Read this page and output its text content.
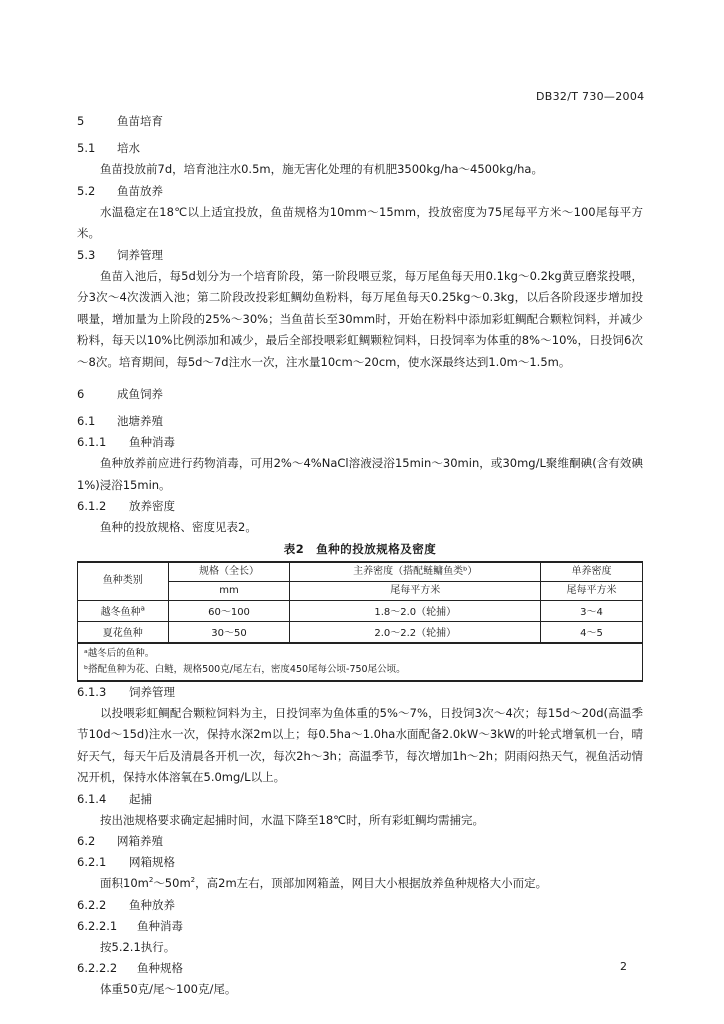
DB32/T 730—2004
5	鱼苗培育
5.1 培水

鱼苗投放前7d，培育池注水0.5m，施无害化处理的有机肥3500kg/ha～4500kg/ha。

5.2 鱼苗放养

水温稳定在18℃以上适宜投放，鱼苗规格为10mm～15mm，投放密度为75尾每平方米～100尾每平方米。

5.3 饲养管理

鱼苗入池后，每5d划分为一个培育阶段，第一阶段喂豆浆，每万尾鱼每天用0.1kg～0.2kg黄豆磨浆投喂，分3次～4次泼洒入池；第二阶段改投彩虹鲷幼鱼粉料，每万尾鱼每天0.25kg～0.3kg，以后各阶段逐步增加投喂量，增加量为上阶段的25%～30%；当鱼苗长至30mm时，开始在粉料中添加彩虹鲷配合颗粒饲料，并减少粉料，每天以10%比例添加和减少，最后全部投喂彩虹鲷颗粒饲料，日投饲率为体重的8%～10%，日投饲6次～8次。培育期间，每5d～7d注水一次，注水量10cm～20cm，使水深最终达到1.0m～1.5m。

6	成鱼饲养
6.1 池塘养殖
6.1.1 鱼种消毒

鱼种放养前应进行药物消毒，可用2%～4%NaCl溶液浸浴15min～30min，或30mg/L聚维酮碘(含有效碘1%)浸浴15min。

6.1.2 放养密度

鱼种的投放规格、密度见表2。

表2　鱼种的投放规格及密度
鱼种类别	规格（全长）	主养密度（搭配鲢鳙鱼类ᵇ）	单养密度
	mm	尾每平方米	尾每平方米
越冬鱼种$^a$	60～100	1.8～2.0（轮捕）	3～4
夏花鱼种	30～50	2.0～2.2（轮捕）	4～5

ᵃ越冬后的鱼种。
ᵇ搭配鱼种为花、白鲢，规格500克/尾左右，密度450尾每公顷-750尾公顷。			
6.1.3 饲养管理

以投喂彩虹鲷配合颗粒饲料为主，日投饲率为鱼体重的5%～7%，日投饲3次～4次；每15d～20d(高温季节10d～15d)注水一次，保持水深2m以上；每0.5ha～1.0ha水面配备2.0kW～3kW的叶轮式增氧机一台，晴好天气，每天午后及清晨各开机一次，每次2h～3h；高温季节，每次增加1h～2h；阴雨闷热天气，视鱼活动情况开机，保持水体溶氧在5.0mg/L以上。

6.1.4 起捕

按出池规格要求确定起捕时间，水温下降至18℃时，所有彩虹鲷均需捕完。

6.2 网箱养殖
6.2.1 网箱规格

面积$10m^2\sim 50m^2$，高2m左右，顶部加网箱盖，网目大小根据放养鱼种规格大小而定。

6.2.2 鱼种放养
6.2.2.1 鱼种消毒

按5.2.1执行。

6.2.2.2 鱼种规格

体重50克/尾～100克/尾。

2
